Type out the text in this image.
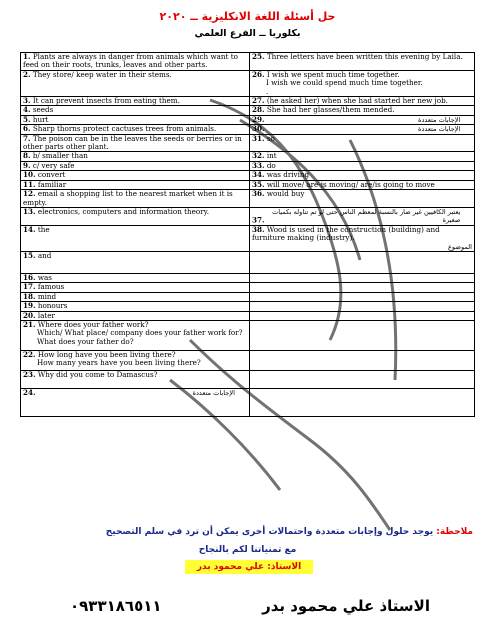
حل أسئلة اللغة الانكليزية ــ ٢٠٢٠
بكلوريا ــ الفرع العلمي
1. Plants are always in danger from animals which want to feed on their roots, trunks, leaves and other parts.	25. Three letters have been written this evening by Laila.
2. They store/ keep water in their stems.	26. I wish we spent much time together.
I wish we could spend much time together.
.

3. It can prevent insects from eating them.	27. (he asked her) when she had started her new job.
4. seeds	28. She had her glasses/them mended.
5. hurt	29. الإجابات متعددة
6. Sharp thorns protect cactuses trees from animals.	30. الإجابات متعددة
7. The poison can be in the leaves the seeds or berries or in other parts other plant.	31. so
8. b/ smaller than	32. int
9. c/ very safe	33. do
10. convert	34. was driving
11. familiar	35. will move/ are-is moving/ are/is going to move
12. email a shopping list to the nearest market when it is empty.	36. would buy
13. electronics, computers and information theory.	37. يعتبر الكافيين غير ضار بالنسبة لمعظم الناس حتى لو تم تناوله بكميات صغيرة
14. the	38. Wood is used in the construction (building) and furniture making (industry).
الموضوع

15. and	
16. was	
17. famous	
18. mind	
19. honours	
20. later	
21. Where does your father work?
Which/ What place/ company does your father work for?
What does your father do?	

22. How long have you been living there?
How many years have you been living there?	

23. Why did you come to Damascus?	
24. الإجابات متعددة	
ملاحظة: يوجد حلول وإجابات متعددة واحتمالات أخرى يمكن أن ترد في سلم التصحيح
مع تمنياتنا لكم بالنجاح
الاستاذ: علي محمود بدر
الاستاذ علي محمود بدر
٠٩٣٣١٨٦٥١١
